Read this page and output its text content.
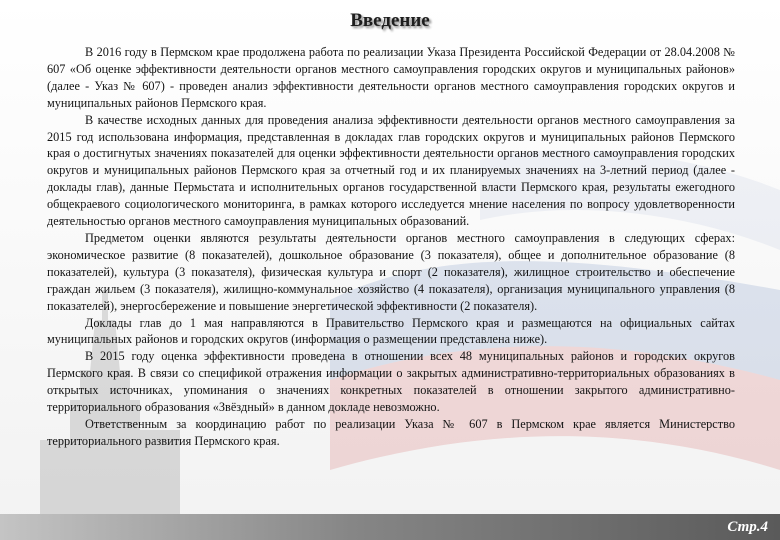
Введение

В 2016 году в Пермском крае продолжена работа по реализации Указа Президента Российской Федерации от 28.04.2008 № 607 «Об оценке эффективности деятельности органов местного самоуправления городских округов и муниципальных районов» (далее - Указ № 607) - проведен анализ эффективности деятельности органов местного самоуправления городских округов и муниципальных районов Пермского края.

В качестве исходных данных для проведения анализа эффективности деятельности органов местного самоуправления за 2015 год использована информация, представленная в докладах глав городских округов и муниципальных районов Пермского края о достигнутых значениях показателей для оценки эффективности деятельности органов местного самоуправления городских округов и муниципальных районов Пермского края за отчетный год и их планируемых значениях на 3-летний период (далее - доклады глав), данные Пермьстата и исполнительных органов государственной власти Пермского края, результаты ежегодного общекраевого социологического мониторинга, в рамках которого исследуется мнение населения по вопросу удовлетворенности деятельностью органов местного самоуправления муниципальных образований.

Предметом оценки являются результаты деятельности органов местного самоуправления в следующих сферах: экономическое развитие (8 показателей), дошкольное образование (3 показателя), общее и дополнительное образование (8 показателей), культура (3 показателя), физическая культура и спорт (2 показателя), жилищное строительство и обеспечение граждан жильем (3 показателя), жилищно-коммунальное хозяйство (4 показателя), организация муниципального управления (8 показателей), энергосбережение и повышение энергетической эффективности (2 показателя).

Доклады глав до 1 мая направляются в Правительство Пермского края и размещаются на официальных сайтах муниципальных районов и городских округов (информация о размещении представлена ниже).

В 2015 году оценка эффективности проведена в отношении всех 48 муниципальных районов и городских округов Пермского края. В связи со спецификой отражения информации о закрытых административно-территориальных образованиях в открытых источниках, упоминания о значениях конкретных показателей в отношении закрытого административно-территориального образования «Звёздный» в данном докладе невозможно.

Ответственным за координацию работ по реализации Указа № 607 в Пермском крае является Министерство территориального развития Пермского края.

Стр.4
